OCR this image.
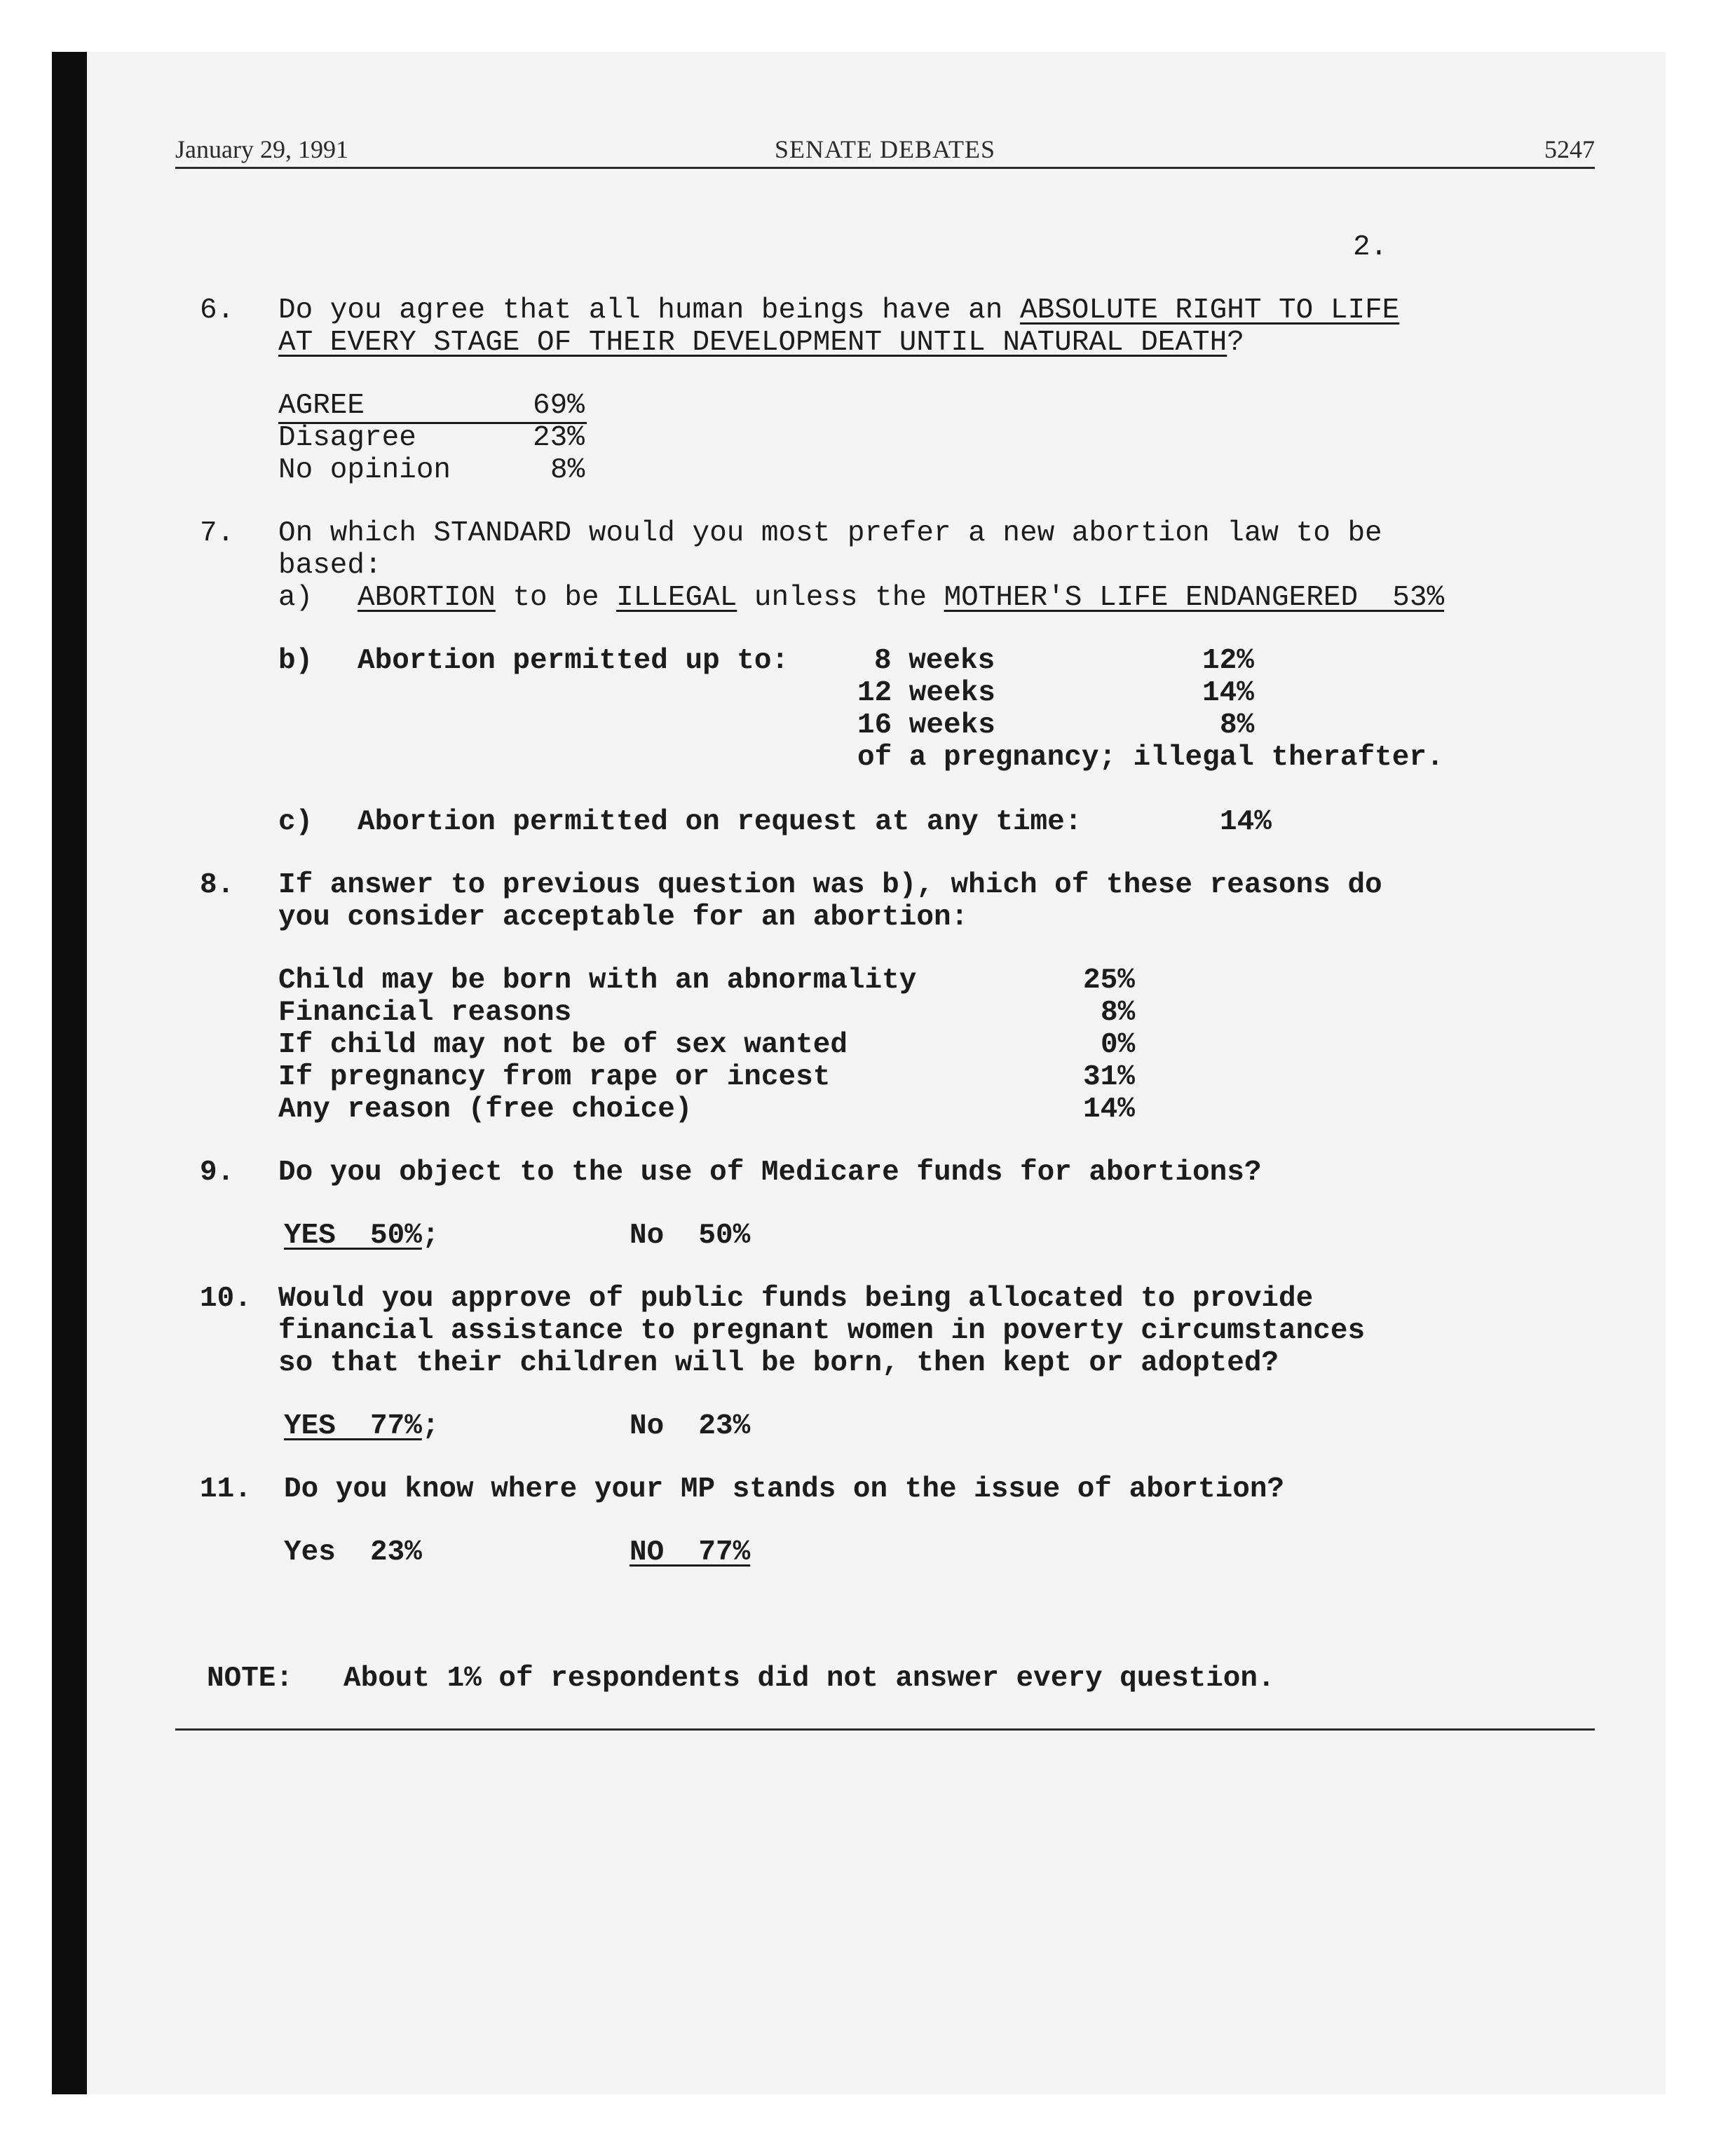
January 29, 1991	SENATE DEBATES	5247
2.
6. Do you agree that all human beings have an ABSOLUTE RIGHT TO LIFE
AT EVERY STAGE OF THEIR DEVELOPMENT UNTIL NATURAL DEATH?
AGREE	69%
Disagree	23%
No opinion	8%
7. On which STANDARD would you most prefer a new abortion law to be
based:
a) ABORTION to be ILLEGAL unless the MOTHER'S LIFE ENDANGERED  53%
b) Abortion permitted up to:	8 weeks	12%
12 weeks	14%
16 weeks	8%
of a pregnancy; illegal therafter.
c) Abortion permitted on request at any time:	14%
8. If answer to previous question was b), which of these reasons do
you consider acceptable for an abortion:
Child may be born with an abnormality	25%
Financial reasons	8%
If child may not be of sex wanted	0%
If pregnancy from rape or incest	31%
Any reason (free choice)	14%
9. Do you object to the use of Medicare funds for abortions?
YES  50%;	No  50%
10. Would you approve of public funds being allocated to provide
financial assistance to pregnant women in poverty circumstances
so that their children will be born, then kept or adopted?
YES  77%;	No  23%
11. Do you know where your MP stands on the issue of abortion?
Yes  23%	NO  77%
NOTE: About 1% of respondents did not answer every question.
